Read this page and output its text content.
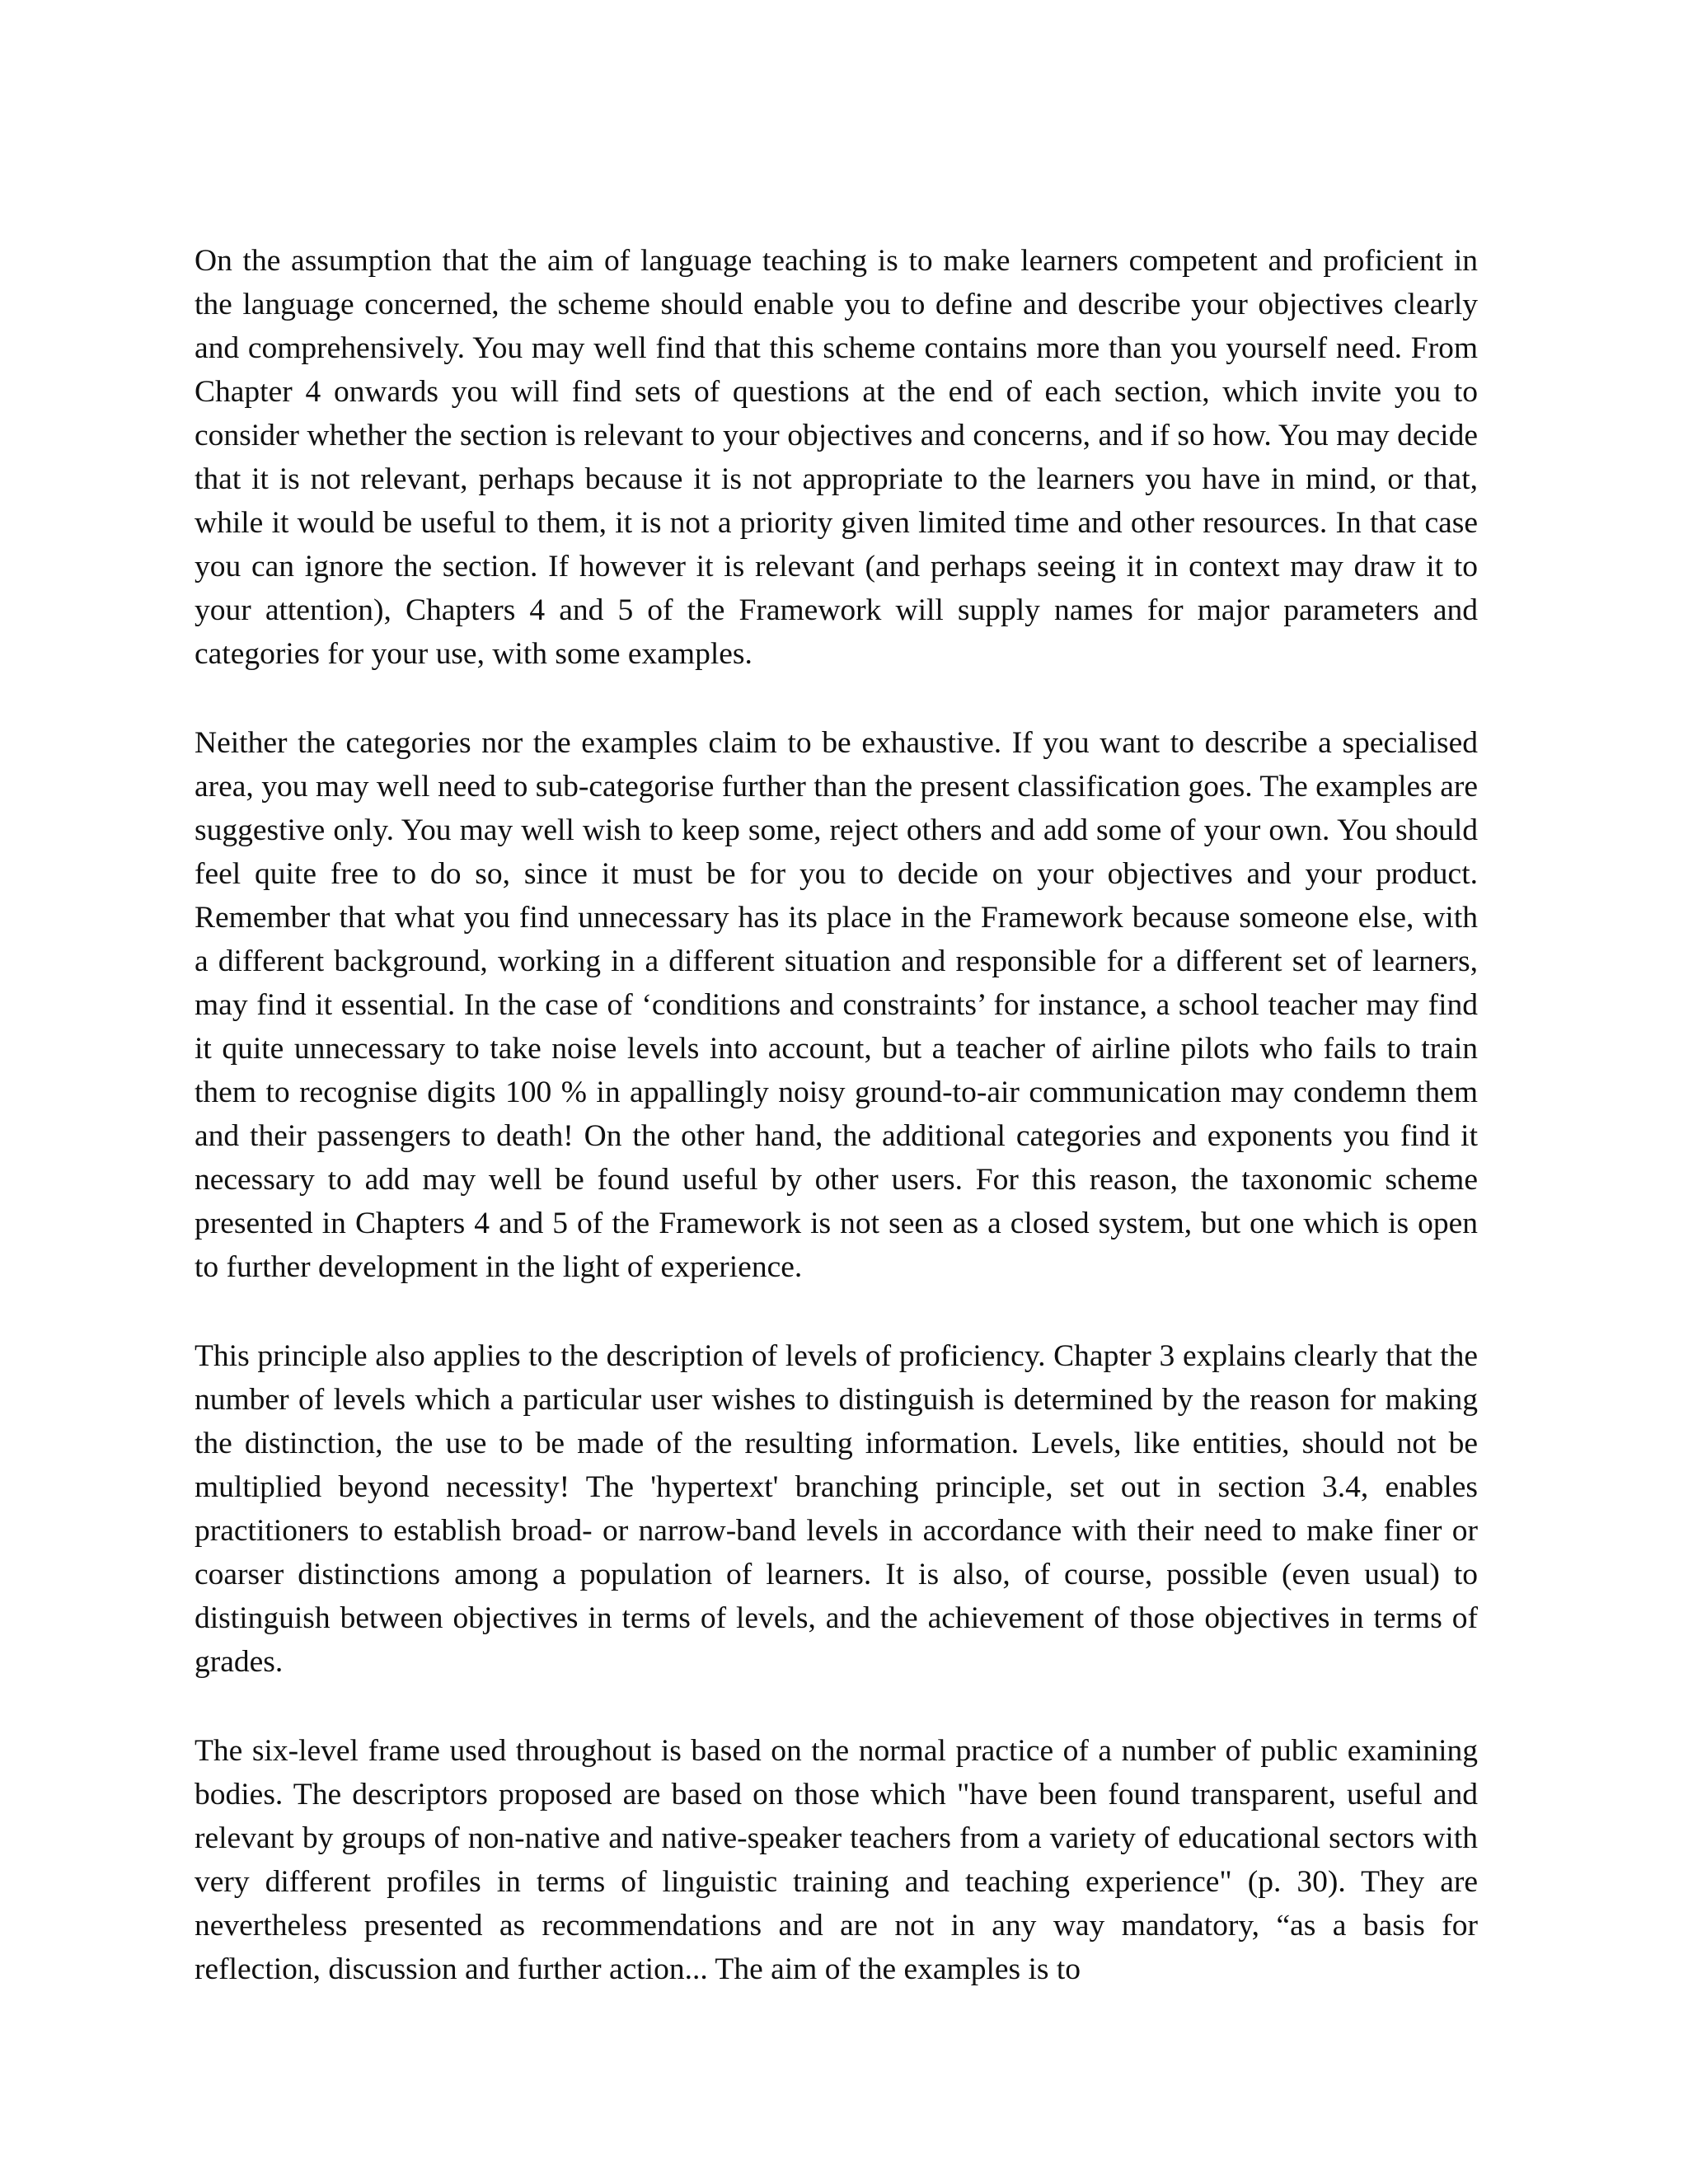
On the assumption that the aim of language teaching is to make learners competent and proficient in the language concerned, the scheme should enable you to define and describe your objectives clearly and comprehensively. You may well find that this scheme contains more than you yourself need. From Chapter 4 onwards you will find sets of questions at the end of each section, which invite you to consider whether the section is relevant to your objectives and concerns, and if so how. You may decide that it is not relevant, perhaps because it is not appropriate to the learners you have in mind, or that, while it would be useful to them, it is not a priority given limited time and other resources. In that case you can ignore the section. If however it is relevant (and perhaps seeing it in context may draw it to your attention), Chapters 4 and 5 of the Framework will supply names for major parameters and categories for your use, with some examples.

Neither the categories nor the examples claim to be exhaustive. If you want to describe a specialised area, you may well need to sub-categorise further than the present classification goes. The examples are suggestive only. You may well wish to keep some, reject others and add some of your own. You should feel quite free to do so, since it must be for you to decide on your objectives and your product. Remember that what you find unnecessary has its place in the Framework because someone else, with a different background, working in a different situation and responsible for a different set of learners, may find it essential. In the case of ‘conditions and constraints’ for instance, a school teacher may find it quite unnecessary to take noise levels into account, but a teacher of airline pilots who fails to train them to recognise digits 100 % in appallingly noisy ground-to-air communication may condemn them and their passengers to death! On the other hand, the additional categories and exponents you find it necessary to add may well be found useful by other users. For this reason, the taxonomic scheme presented in Chapters 4 and 5 of the Framework is not seen as a closed system, but one which is open to further development in the light of experience.

This principle also applies to the description of levels of proficiency. Chapter 3 explains clearly that the number of levels which a particular user wishes to distinguish is determined by the reason for making the distinction, the use to be made of the resulting information. Levels, like entities, should not be multiplied beyond necessity! The 'hypertext' branching principle, set out in section 3.4, enables practitioners to establish broad- or narrow-band levels in accordance with their need to make finer or coarser distinctions among a population of learners. It is also, of course, possible (even usual) to distinguish between objectives in terms of levels, and the achievement of those objectives in terms of grades.

The six-level frame used throughout is based on the normal practice of a number of public examining bodies. The descriptors proposed are based on those which "have been found transparent, useful and relevant by groups of non-native and native-speaker teachers from a variety of educational sectors with very different profiles in terms of linguistic training and teaching experience" (p. 30). They are nevertheless presented as recommendations and are not in any way mandatory, “as a basis for reflection, discussion and further action... The aim of the examples is to
